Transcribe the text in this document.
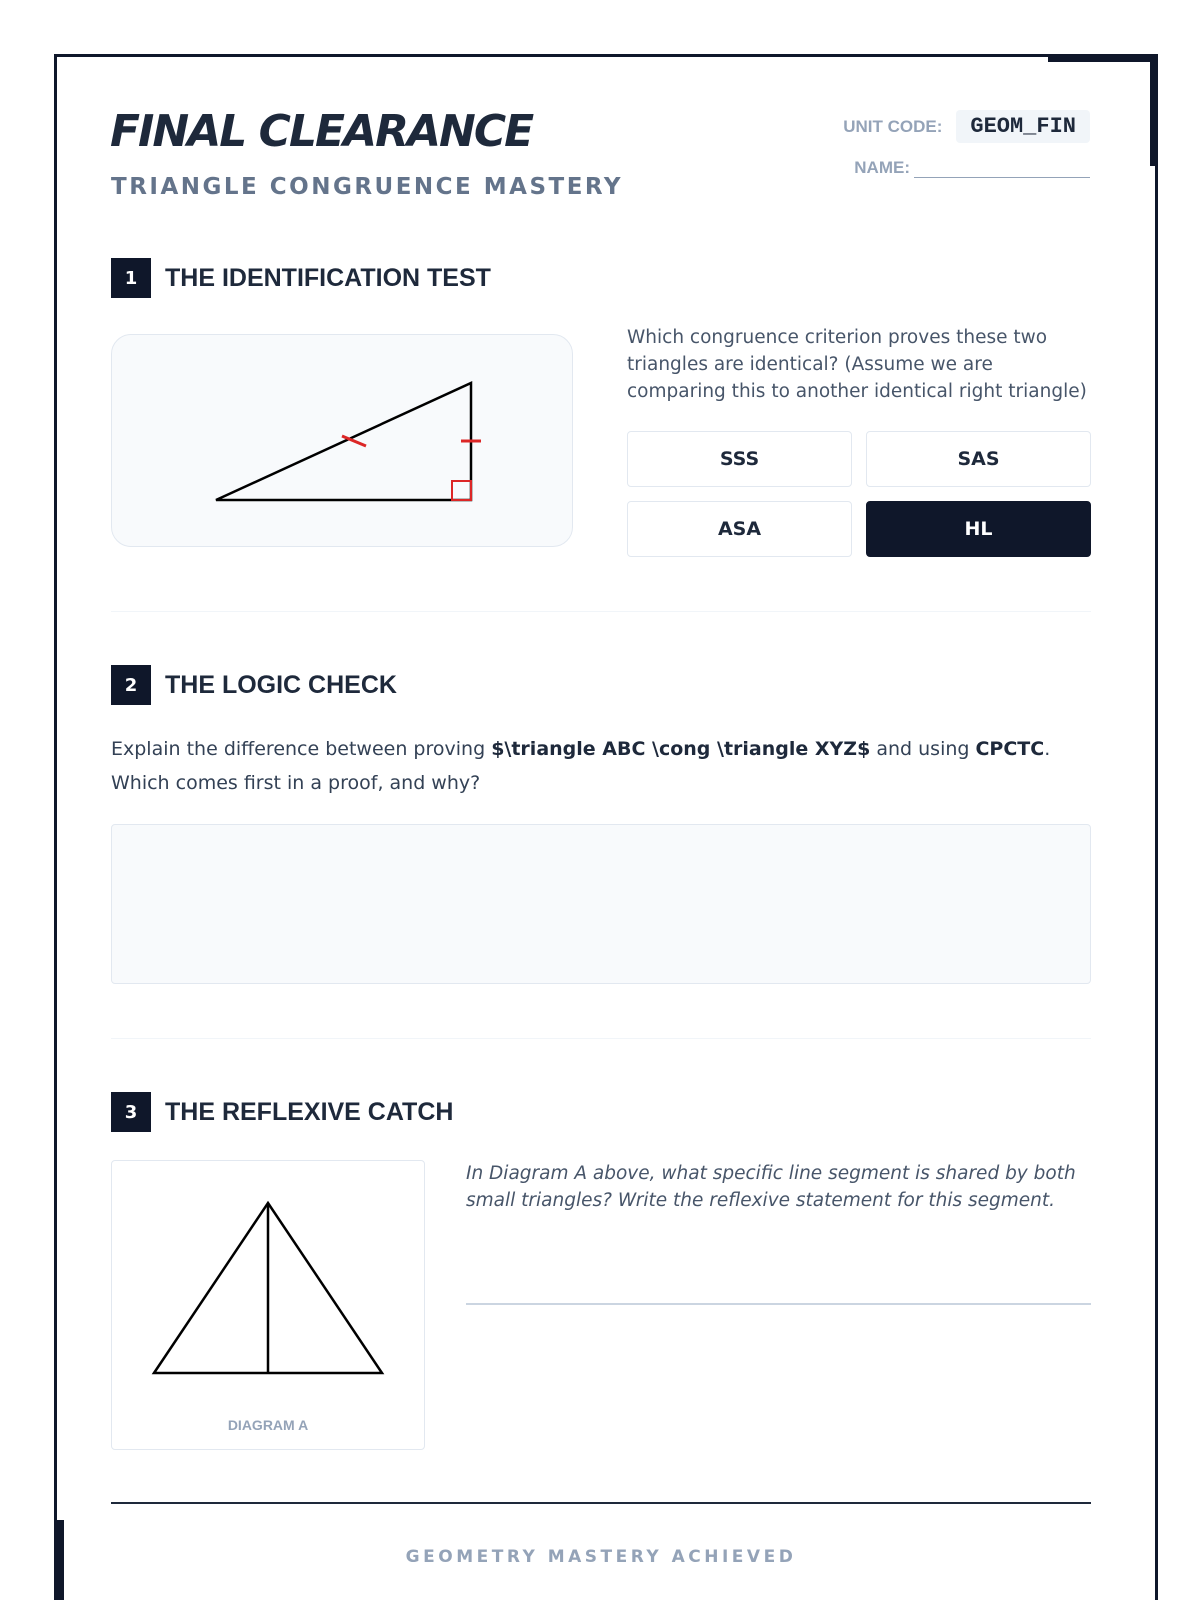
FINAL CLEARANCE
TRIANGLE CONGRUENCE MASTERY
UNIT CODE:	GEOM_FIN
NAME:
1	THE IDENTIFICATION TEST
Which congruence criterion proves these two triangles are identical? (Assume we are comparing this to another identical right triangle)
SSS	SAS
ASA	HL
2	THE LOGIC CHECK
Explain the difference between proving $\triangle ABC \cong \triangle XYZ$ and using CPCTC. Which comes first in a proof, and why?
3	THE REFLEXIVE CATCH
DIAGRAM A
In Diagram A above, what specific line segment is shared by both small triangles? Write the reflexive statement for this segment.
GEOMETRY MASTERY ACHIEVED
